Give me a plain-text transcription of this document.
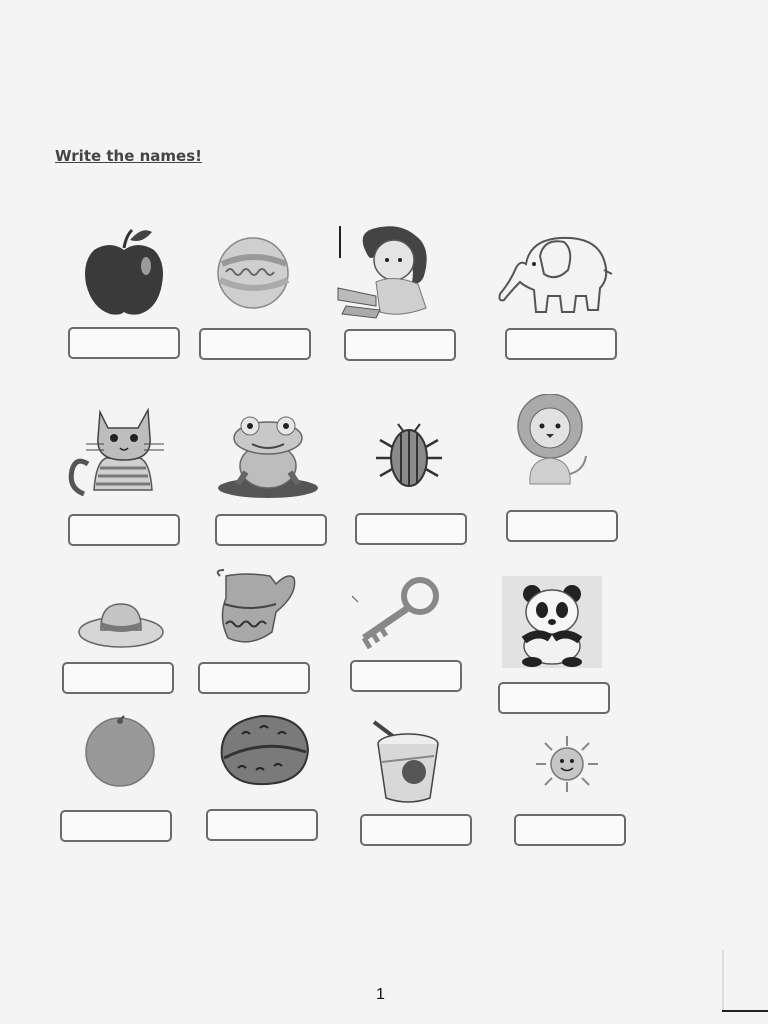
Write the names!
1
